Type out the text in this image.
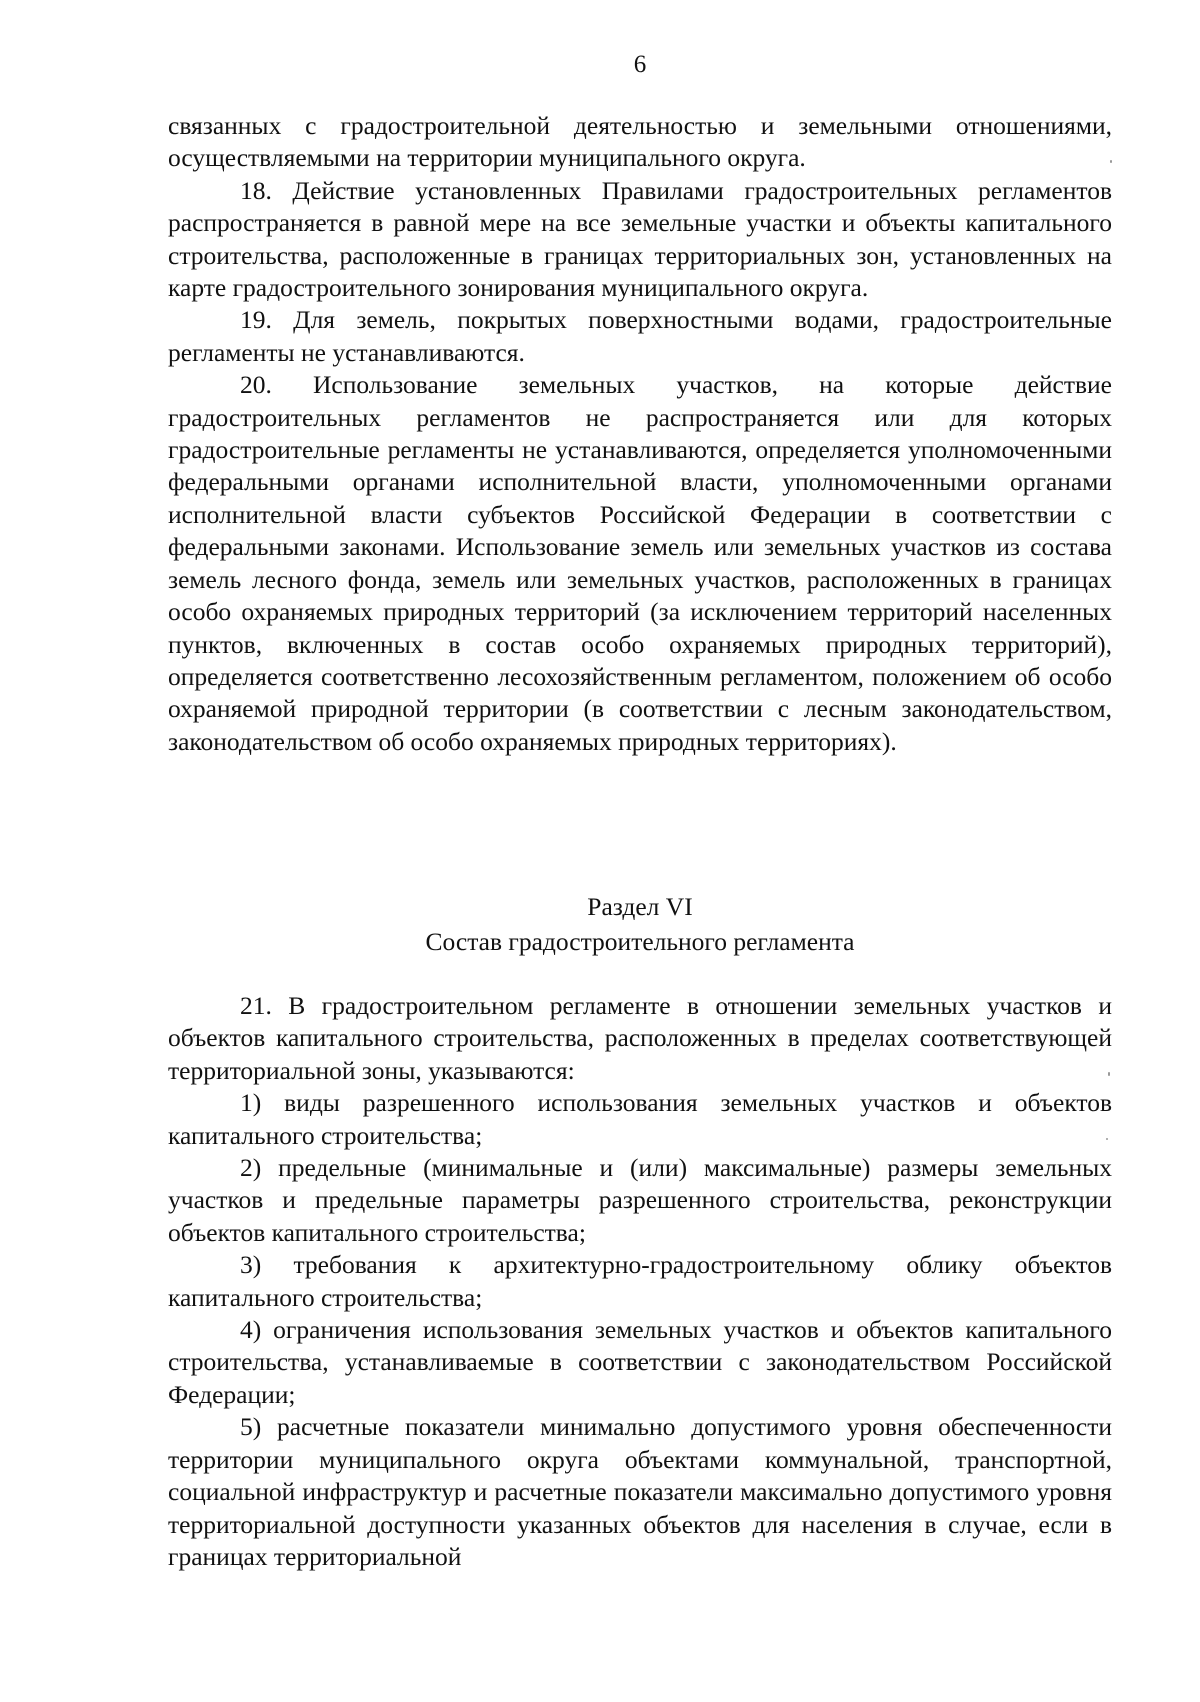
6

связанных с градостроительной деятельностью и земельными отношениями, осуществляемыми на территории муниципального округа.

18. Действие установленных Правилами градостроительных регламентов распространяется в равной мере на все земельные участки и объекты капитального строительства, расположенные в границах территориальных зон, установленных на карте градостроительного зонирования муниципального округа.

19. Для земель, покрытых поверхностными водами, градостроительные регламенты не устанавливаются.

20. Использование земельных участков, на которые действие градостроительных регламентов не распространяется или для которых градостроительные регламенты не устанавливаются, определяется уполномоченными федеральными органами исполнительной власти, уполномоченными органами исполнительной власти субъектов Российской Федерации в соответствии с федеральными законами. Использование земель или земельных участков из состава земель лесного фонда, земель или земельных участков, расположенных в границах особо охраняемых природных территорий (за исключением территорий населенных пунктов, включенных в состав особо охраняемых природных территорий), определяется соответственно лесохозяйственным регламентом, положением об особо охраняемой природной территории (в соответствии с лесным законодательством, законодательством об особо охраняемых природных территориях).

Раздел VI
Состав градостроительного регламента

21. В градостроительном регламенте в отношении земельных участков и объектов капитального строительства, расположенных в пределах соответствующей территориальной зоны, указываются:

1) виды разрешенного использования земельных участков и объектов капитального строительства;

2) предельные (минимальные и (или) максимальные) размеры земельных участков и предельные параметры разрешенного строительства, реконструкции объектов капитального строительства;

3) требования к архитектурно-градостроительному облику объектов капитального строительства;

4) ограничения использования земельных участков и объектов капитального строительства, устанавливаемые в соответствии с законодательством Российской Федерации;

5) расчетные показатели минимально допустимого уровня обеспеченности территории муниципального округа объектами коммунальной, транспортной, социальной инфраструктур и расчетные показатели максимально допустимого уровня территориальной доступности указанных объектов для населения в случае, если в границах территориальной
